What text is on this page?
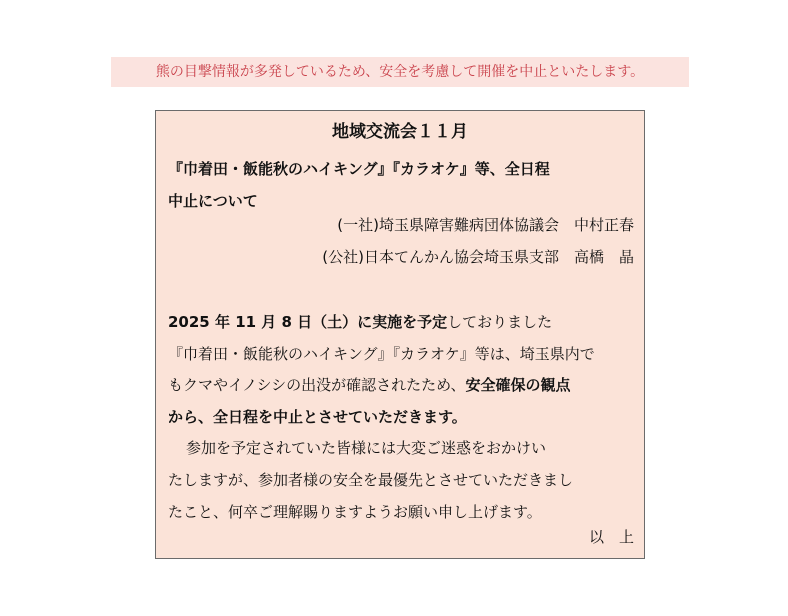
熊の目撃情報が多発しているため、安全を考慮して開催を中止といたします。
地域交流会１１月
『巾着田・飯能秋のハイキング』『カラオケ』等、全日程
中止について
(一社)埼玉県障害難病団体協議会　中村正春
(公社)日本てんかん協会埼玉県支部　高橋　晶
2025 年 11 月 8 日（土）に実施を予定しておりました
『巾着田・飯能秋のハイキング』『カラオケ』等は、埼玉県内で
もクマやイノシシの出没が確認されたため、安全確保の観点
から、全日程を中止とさせていただきます。
参加を予定されていた皆様には大変ご迷惑をおかけい
たしますが、参加者様の安全を最優先とさせていただきまし
たこと、何卒ご理解賜りますようお願い申し上げます。
以　上
